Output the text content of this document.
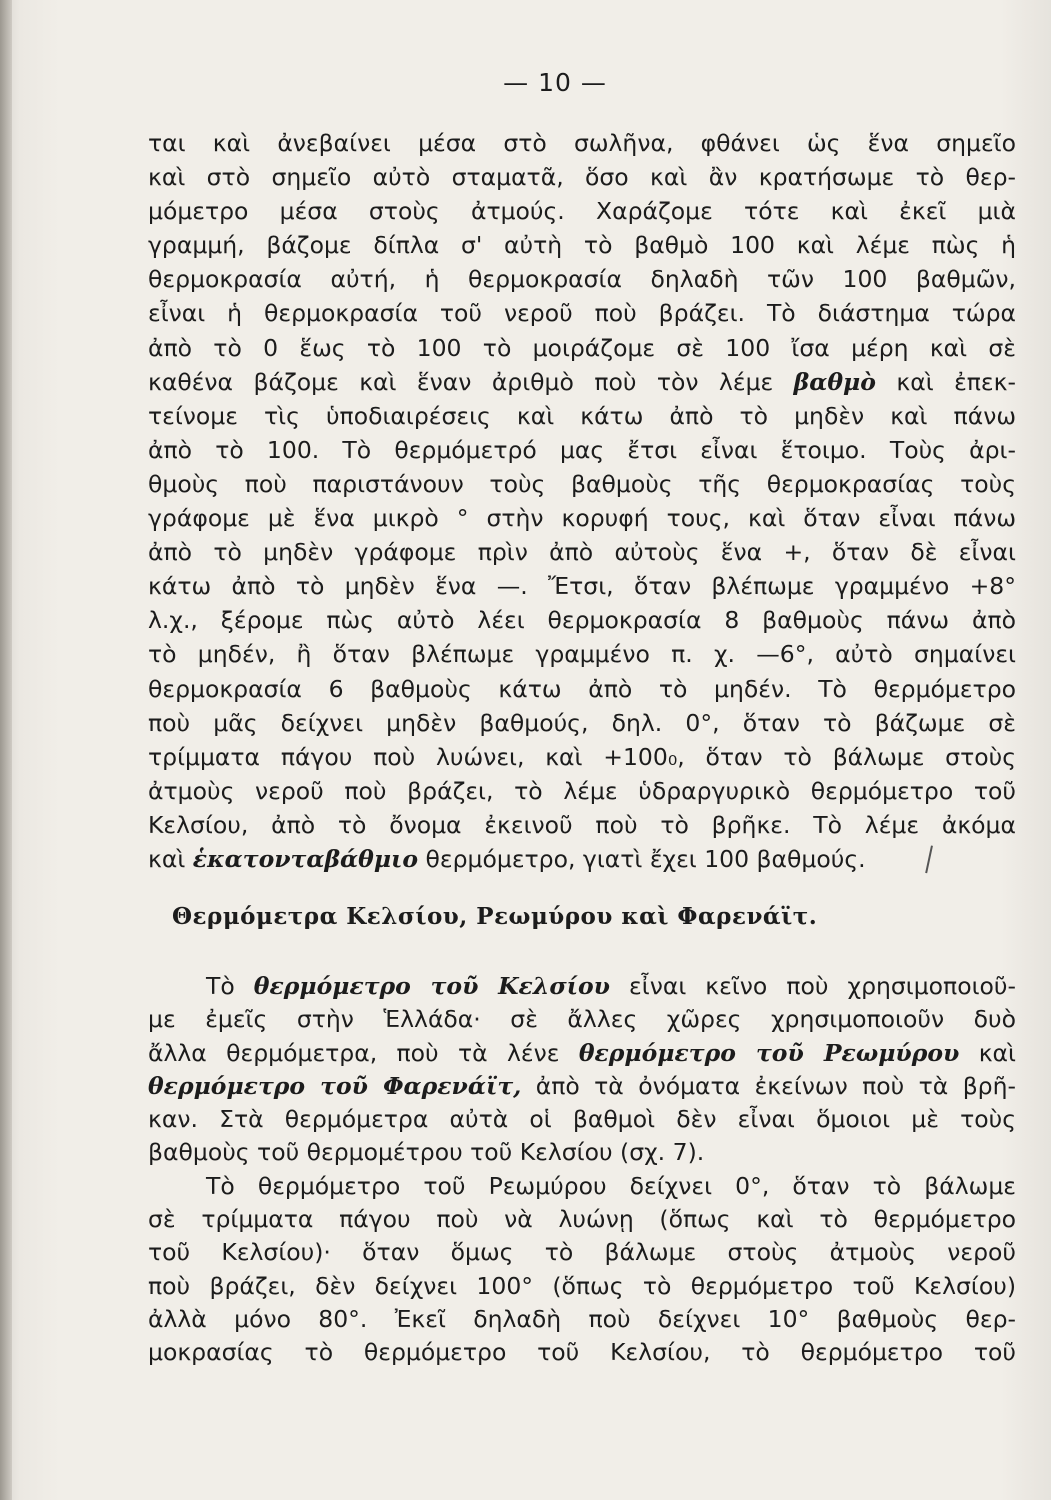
— 10 —
ται καὶ ἀνεβαίνει μέσα στὸ σωλῆνα, φθάνει ὡς ἕνα σημεῖο
καὶ στὸ σημεῖο αὐτὸ σταματᾶ, ὅσο καὶ ἂν κρατήσωμε τὸ θερ-
μόμετρο μέσα στοὺς ἀτμούς. Χαράζομε τότε καὶ ἐκεῖ μιὰ
γραμμή, βάζομε δίπλα σ' αὐτὴ τὸ βαθμὸ 100 καὶ λέμε πὼς ἡ
θερμοκρασία αὐτή, ἡ θερμοκρασία δηλαδὴ τῶν 100 βαθμῶν,
εἶναι ἡ θερμοκρασία τοῦ νεροῦ ποὺ βράζει. Τὸ διάστημα τώρα
ἀπὸ τὸ 0 ἕως τὸ 100 τὸ μοιράζομε σὲ 100 ἴσα μέρη καὶ σὲ
καθένα βάζομε καὶ ἕναν ἀριθμὸ ποὺ τὸν λέμε βαθμὸ καὶ ἐπεκ-
τείνομε τὶς ὑποδιαιρέσεις καὶ κάτω ἀπὸ τὸ μηδὲν καὶ πάνω
ἀπὸ τὸ 100. Τὸ θερμόμετρό μας ἔτσι εἶναι ἕτοιμο. Τοὺς ἀρι-
θμοὺς ποὺ παριστάνουν τοὺς βαθμοὺς τῆς θερμοκρασίας τοὺς
γράφομε μὲ ἕνα μικρὸ ° στὴν κορυφή τους, καὶ ὅταν εἶναι πάνω
ἀπὸ τὸ μηδὲν γράφομε πρὶν ἀπὸ αὐτοὺς ἕνα +, ὅταν δὲ εἶναι
κάτω ἀπὸ τὸ μηδὲν ἕνα —. Ἔτσι, ὅταν βλέπωμε γραμμένο +8°
λ.χ., ξέρομε πὼς αὐτὸ λέει θερμοκρασία 8 βαθμοὺς πάνω ἀπὸ
τὸ μηδέν, ἢ ὅταν βλέπωμε γραμμένο π. χ. —6°, αὐτὸ σημαίνει
θερμοκρασία 6 βαθμοὺς κάτω ἀπὸ τὸ μηδέν. Τὸ θερμόμετρο
ποὺ μᾶς δείχνει μηδὲν βαθμούς, δηλ. 0°, ὅταν τὸ βάζωμε σὲ
τρίμματα πάγου ποὺ λυώνει, καὶ +100₀, ὅταν τὸ βάλωμε στοὺς
ἀτμοὺς νεροῦ ποὺ βράζει, τὸ λέμε ὑδραργυρικὸ θερμόμετρο τοῦ
Κελσίου, ἀπὸ τὸ ὄνομα ἐκεινοῦ ποὺ τὸ βρῆκε. Τὸ λέμε ἀκόμα
καὶ ἑκατονταβάθμιο θερμόμετρο, γιατὶ ἔχει 100 βαθμούς.
Θερμόμετρα Κελσίου, Ρεωμύρου καὶ Φαρενάϊτ.
Τὸ θερμόμετρο τοῦ Κελσίου εἶναι κεῖνο ποὺ χρησιμοποιοῦ-
με ἐμεῖς στὴν Ἑλλάδα· σὲ ἄλλες χῶρες χρησιμοποιοῦν δυὸ
ἄλλα θερμόμετρα, ποὺ τὰ λένε θερμόμετρο τοῦ Ρεωμύρου καὶ
θερμόμετρο τοῦ Φαρενάϊτ, ἀπὸ τὰ ὀνόματα ἐκείνων ποὺ τὰ βρῆ-
καν. Στὰ θερμόμετρα αὐτὰ οἱ βαθμοὶ δὲν εἶναι ὅμοιοι μὲ τοὺς
βαθμοὺς τοῦ θερμομέτρου τοῦ Κελσίου (σχ. 7).
Τὸ θερμόμετρο τοῦ Ρεωμύρου δείχνει 0°, ὅταν τὸ βάλωμε
σὲ τρίμματα πάγου ποὺ νὰ λυώνῃ (ὅπως καὶ τὸ θερμόμετρο
τοῦ Κελσίου)· ὅταν ὅμως τὸ βάλωμε στοὺς ἀτμοὺς νεροῦ
ποὺ βράζει, δὲν δείχνει 100° (ὅπως τὸ θερμόμετρο τοῦ Κελσίου)
ἀλλὰ μόνο 80°. Ἐκεῖ δηλαδὴ ποὺ δείχνει 10° βαθμοὺς θερ-
μοκρασίας τὸ θερμόμετρο τοῦ Κελσίου, τὸ θερμόμετρο τοῦ
